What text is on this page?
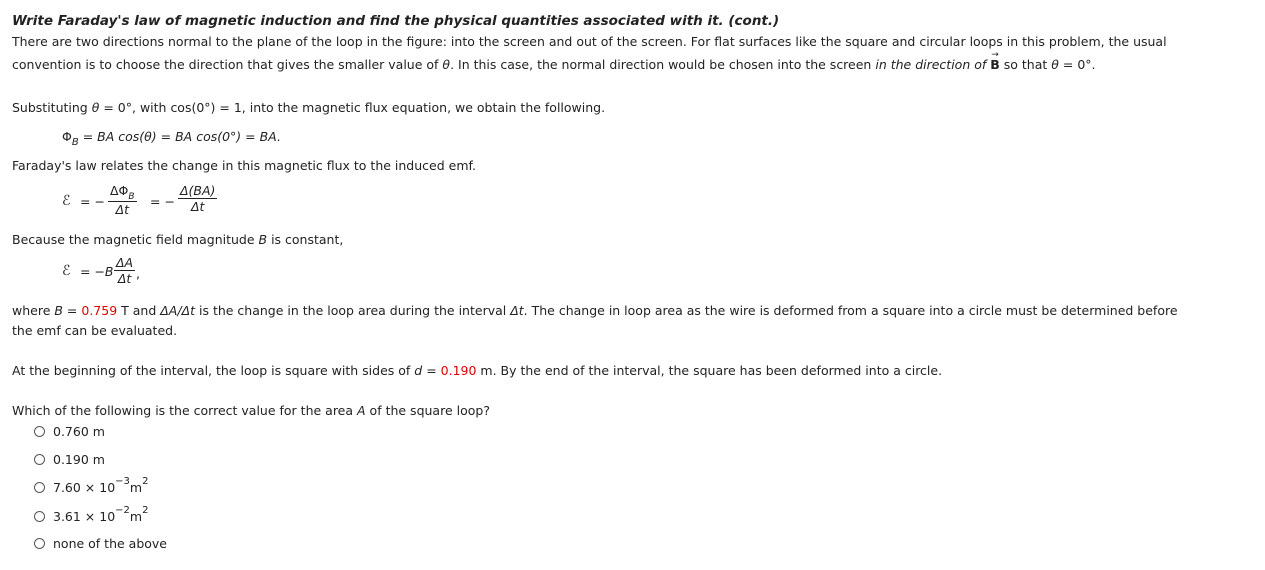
Write Faraday's law of magnetic induction and find the physical quantities associated with it. (cont.)
There are two directions normal to the plane of the loop in the figure: into the screen and out of the screen. For flat surfaces like the square and circular loops in this problem, the usual
convention is to choose the direction that gives the smaller value of θ. In this case, the normal direction would be chosen into the screen in the direction of → B so that θ = 0°.
Substituting θ = 0°, with cos(0°) = 1, into the magnetic flux equation, we obtain the following.
$\Phi_B$ = BA cos(θ) = BA cos(0°) = BA.
Faraday's law relates the change in this magnetic flux to the induced emf.
ℰ = −
$\Delta\Phi_B$
Δt
= − $\frac{\Delta(BA)}{\Delta t}$
Because the magnetic field magnitude B is constant,
ℰ = $-B \frac{\Delta A}{\Delta t}$ ,
where B = 0.759 T and ΔA/Δt is the change in the loop area during the interval Δt. The change in loop area as the wire is deformed from a square into a circle must be determined before
the emf can be evaluated.
At the beginning of the interval, the loop is square with sides of d = 0.190 m. By the end of the interval, the square has been deformed into a circle.
Which of the following is the correct value for the area A of the square loop?
0.760 m
0.190 m
7.60 × 10 −3 m 2
3.61 × 10 −2 m 2
none of the above
